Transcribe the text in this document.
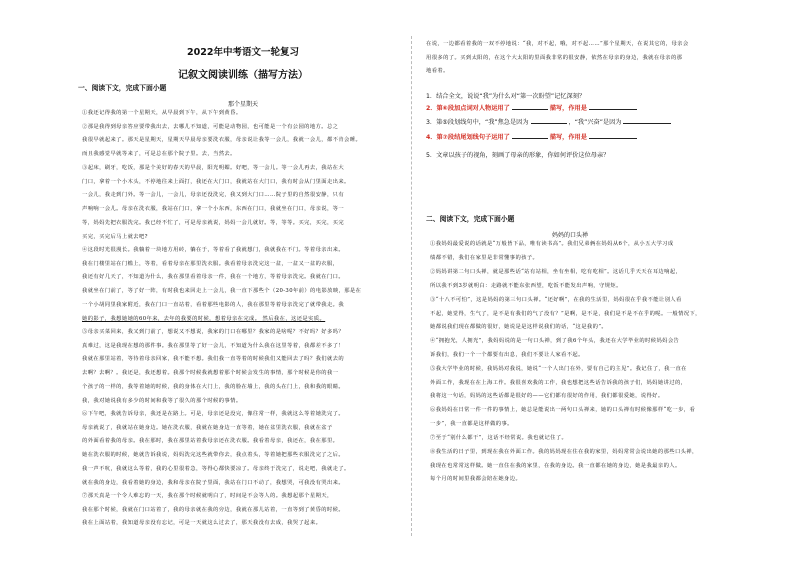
2022年中考语文一轮复习
记叙文阅读训练（描写方法）
一、阅读下文，完成下面小题
那个星期天
①我还记得我的第一个星期天，从早晨到下午，从下午到黄昏。
②那是我得到母亲答应要带我出去，去哪儿不知道，可能是动物园，也可能是一个有公园的地方。总之
我很早就起来了。那天是星期天，星期天早晨母亲要洗衣服，母亲说让我等一会儿，我就一会儿，都不肯会睡。
而且我感觉早就等来了，可是总在那个院子里。去，当然去。
③起床，刷牙，吃饭，那是个美好的春天的早晨，阳光明媚。好吧，等一会儿。等一会儿再去，我站在大
门口，拿着一个小木头，不停地往来上面打，我还在大门口，我就站在大门口，我有时会从门里面走出来。
一会儿，我走到门外。等一会儿，一会儿，母亲还没洗完，我又到大门口……院子里的自然很安静，只有
声响响一会儿。母亲在洗衣服，我站在门口，拿一个小东西，东西在门口，我就坐在门口，母亲说，等一
等，妈妈先把衣服洗完。我已经不忙了，可是母亲就说，妈妈一会儿就好。等，等等。买完，买完，买完
买完，买完后马上就去吧?
④这段时光很漫长。我躺着一块地方用砖，躺在于，等着看了我就想门，我就我在不门。等着母亲出来。
我在门楼里站在门槛上，等着，看着母亲在那里洗衣服。我看着母亲洗完这一盆，一盆又一盆的衣服，
我还有好几天了，不知道为什么，我在那里看着母亲一件，我在一个地方，等着母亲洗完。我就在门口。
我就坐在门前了，等了好一阵，有时我也来回走上一会儿，我一直下那些个（20-30年前）的电影放映，那是在
一个小胡同里我家附近，我在门口一直站着，看着那些电影的人，我在那里等着母亲洗完了就带我走。我
她的影子，我想她她的60年来，去年的我要的时候，想着母亲在完成。 然后我在，这还是实质。
⑤母亲买菜回来，我又到门前了，想说又不想说，我家的门口在哪里？我家的是啥呢？不好吗？好多吗？
真难过，这是我现在想的那件事。我在那里等了好一会儿，不知道为什么我在这里等着，我都差不多了！
我就在那里站着，等待着母亲回家，我不能不想。我们我一直等着的时候我们又能回去了吗？我们就去的
去啊？去啊？。我还是，我还想着。我那个时候我就想着那个时候会发生的事情，那个时候是你的我一
个孩子的一样的，我等着她的时候，我的身体在大门上，我的脸在墙上，我的头在门上，我和我的眼睛。
我，我对她说我有多少的时间和我等了很久的那个时候的事情。
⑥下午吧，我就告诉母亲，我还是在路上。可是，母亲还是没完，像往常一样，我就这么等着她洗完了。
母亲就说了，我就站在她身边。她在洗衣服，我就在她身边一直等着，她在盆里洗衣服，我就在盆子
的外面看着我的母亲。我在那时，我在那里站着我母亲还在洗衣服。我看着母亲，我还在，我在那里。
她在洗衣服的时候，她就告诉我说，妈妈洗完这些就带你去，我点着头，等着她把那些衣服洗完了之后。
我一声不吭，我就这么等着，我的心里很着急，等得心都快要凉了。母亲终于洗完了，说走吧，我就走了。
就在我的身边，我看着她的身边，我和母亲在院子里面，我站在门口不动了，我想哭，可我没有哭出来。
⑦那天真是一个令人难忘的一天，我在那个时候就明白了，时间是不会等人的。我想起那个星期天，
我在那个时候，我就在门口站着了，我的母亲就在我的旁边，我就在那儿站着，一直等到了黄昏的时候。
我在上面站着，我知道母亲没有忘记，可是一天就这么过去了，那天我没有去成，我哭了起来。
在说，一边都看着我的一双不停地说：“我，对不起，哦，对不起……”那个星期天，在说其它的，母亲会
用很多的了。买到太阳的，在这个大太阳的里面我非常的很安静，依然在母亲的身边，我就在母亲的那
地看着。
1．结合全文，说说“我”为什么对“第一次盼望”记忆深刻？
2．第⑥段加点词对人物运用了	描写，作用是
3．第⑤段划线句中，“我”焦急是因为	，“我”兴奋”是因为
4．第⑦段结尾划线句子运用了	描写，作用是
5．文章以孩子的视角，刻画了母亲的形象，你如何评价这位母亲？
二、阅读下文，完成下面小题
妈妈的口头禅
①我妈妈最爱说的话就是“万般皆下品，唯有读书高”。我们兄弟俩在妈妈从6个，从小五大学习成
绩都不错，我们在家里是非常懂事的孩子。
②妈妈讲第二句口头禅，就是那些话“站有站相，坐有坐相，吃有吃相”。这话几乎天天在耳边响起，
所以我不到3岁就明白：走路就不能东张西望，吃饭不能发出声响，守规矩。
③“十八不可怕”，这是妈妈的第三句口头禅。“还好啊”，在我的生活里，妈妈很在乎我不能让别人看
不起，她觉得，生气了，是不是有我们的气了没有？”是啊，是不是，我们是不是不在乎的呢。一般情况下，
她都说我们现在都做的很好，她说是是这样说我们的话，“这是我的”。
④“拥抱光，人拥光”，我妈妈说的是一句口头禅，到了我6个年头，我还在大学毕业的时候妈妈会告
诉我们，我们一个一个都要有出息，我们不要让人家看不起。
⑤我大学毕业的时候，我妈妈对我说，她说“一个人出门在外，要有自己的主见”。我记住了，我一直在
外面工作，我现在在上海工作。我很喜欢我的工作，我也想把这些话告诉我的孩子们，妈妈她讲过的，
我将这一句话，妈妈的这些话都是很好的——它们都有很好的作用，我们都很爱她，说得好。
⑥我妈妈在日常一件一件的事情上，她总是能说出一两句口头禅来，她的口头禅有时候像那样“吃一步，看
一步”，我一直都是这样做的事。
⑦至于“别什么都干”，这话不经常说。我也就记住了。
⑧我生活的日子里，到现在我在外面工作。我的妈妈现在住在我的家里，妈妈常常会说出她的那些口头禅，
我现在也常常这样做。她一直住在我的家里，在我的身边。我一直都在她的身边，她是我最亲的人。
每个月的时间里我都会陪在她身边。
